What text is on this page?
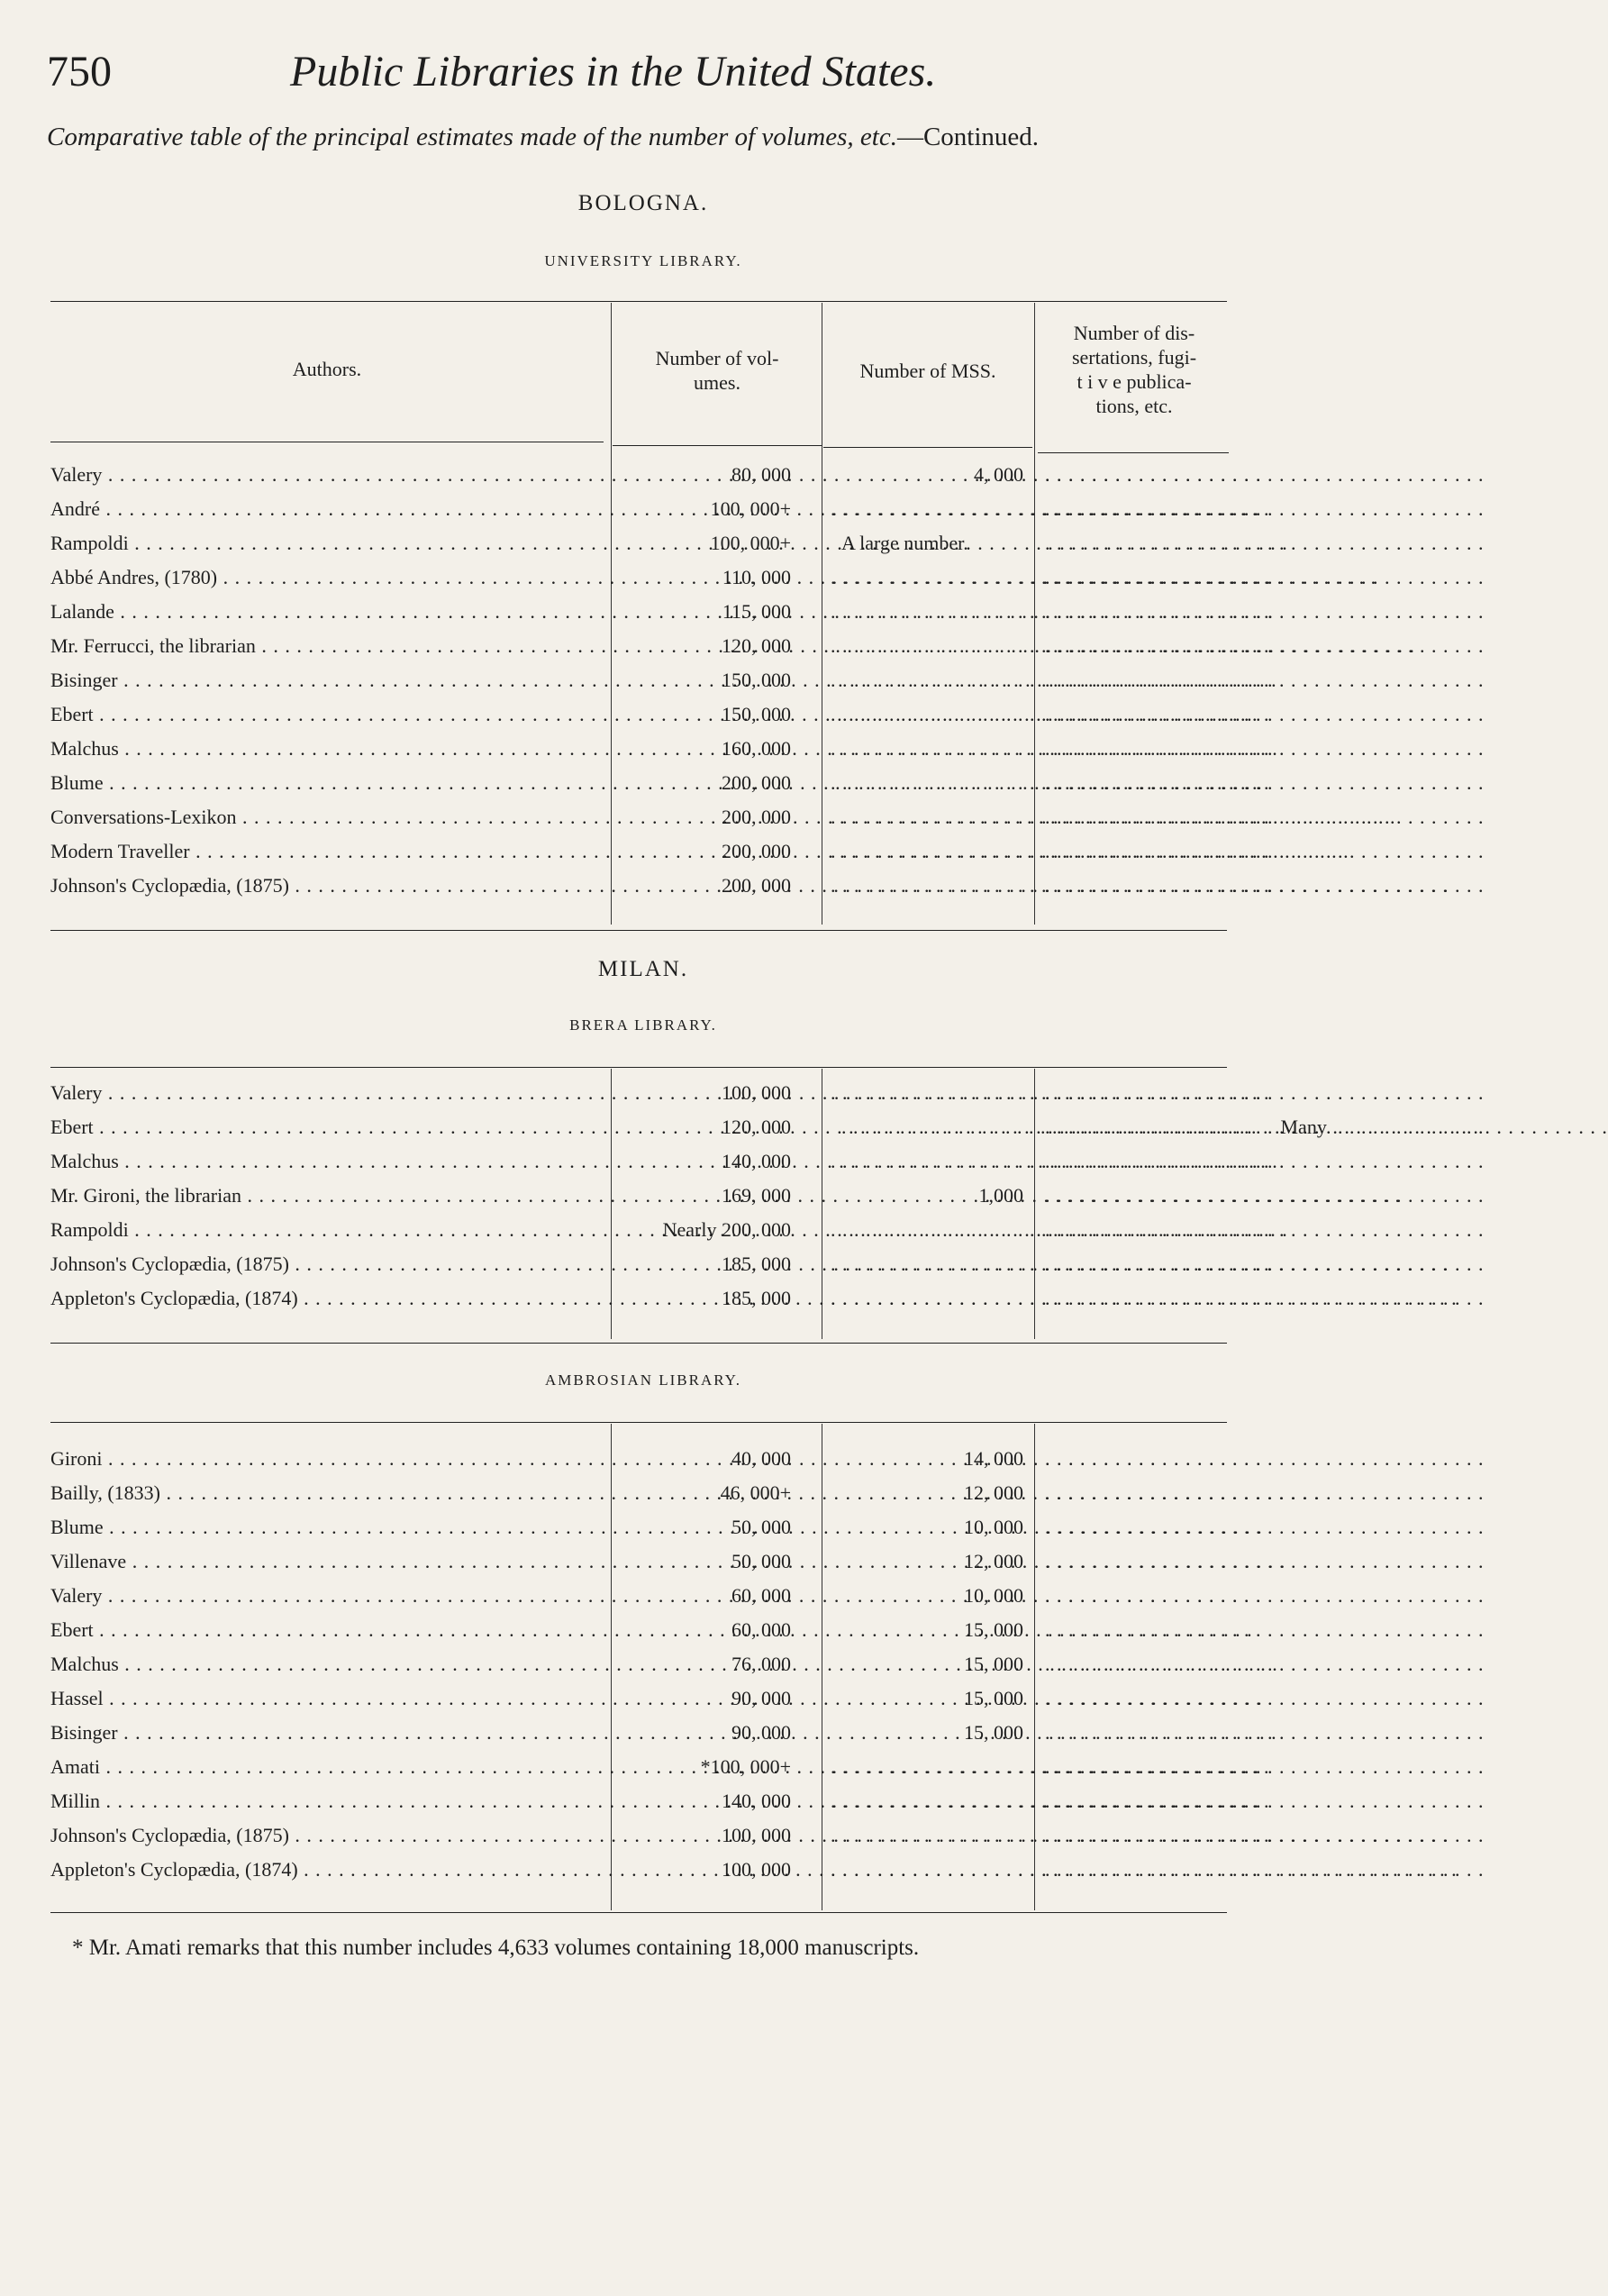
750	Public Libraries in the United States.
Comparative table of the principal estimates made of the number of volumes, etc.—Continued.
BOLOGNA.
UNIVERSITY LIBRARY.
Authors.	Number of vol-
umes.
Number of MSS.
Number of dis-
sertations, fugi-
t i v e publica-
tions, etc.
Valery . . .	80, 000	4, 000
. . .
André . . .	100, 000+
. . .
. . .
Rampoldi . . .	100, 000+	A large number.
. . .
Abbé Andres, (1780) . . .	110, 000
. . .
. . .
Lalande . . .	115, 000
. . .
. . .
Mr. Ferrucci, the librarian . . .	120, 000
. . .
. . .
Bisinger . . .	150, 000
. . .
. . .
Ebert . . .	150, 000
. . .
. . .
Malchus . . .	160, 000
. . .
. . .
Blume . . .	200, 000
. . .
. . .
Conversations-Lexikon . . .	200, 000
. . .
. . .
Modern Traveller . . .	200, 000
. . .
. . .
Johnson's Cyclopædia, (1875) . . .	200, 000
. . .
. . .
MILAN.
BRERA LIBRARY.
Valery . . .	100, 000
. . .
. . .
Ebert . . .	120, 000
. . .	Many . . .
. . .
Malchus . . .	140, 000
. . .
. . .
Mr. Gironi, the librarian . . .	169, 000	1,000
. . .
Rampoldi . . .	Nearly 200, 000
. . .
. . .
Johnson's Cyclopædia, (1875) . . .	185, 000
. . .
. . .
Appleton's Cyclopædia, (1874) . . .	185, 000
. . .
. . .
AMBROSIAN LIBRARY.
Gironi . . .	40, 000	14, 000
. . .
Bailly, (1833) . . .	46, 000+	12, 000
. . .
Blume . . .	50, 000	10, 000
. . .
Villenave . . .	50, 000	12, 000
. . .
Valery . . .	60, 000	10, 000
. . .
Ebert . . .	60, 000	15, 000
. . .
Malchus . . .	76, 000	15, 000
. . .
Hassel . . .	90, 000	15, 000
. . .
Bisinger . . .	90, 000	15, 000
. . .
Amati . . .	*100, 000+
. . .
. . .
Millin . . .	140, 000
. . .
. . .
Johnson's Cyclopædia, (1875) . . .	100, 000
. . .
. . .
Appleton's Cyclopædia, (1874) . . .	100, 000
. . .
. . .
* Mr. Amati remarks that this number includes 4,633 volumes containing 18,000 manuscripts.
